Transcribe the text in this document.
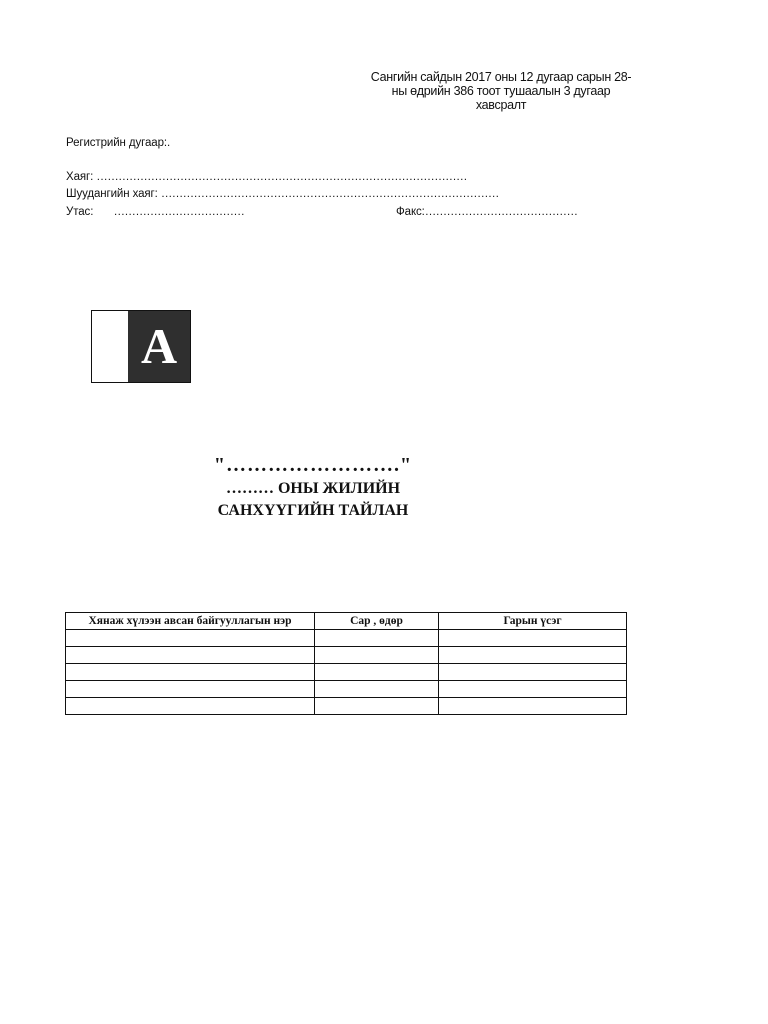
Сангийн сайдын 2017 оны 12 дугаар сарын 28-
ны өдрийн 386 тоот тушаалын 3 дугаар
хавсралт
Регистрийн дугаар:.
Хаяг: …………………………………………………………………………………………
Шуудангийн хаяг: …………………………………………………………………………………
Утас: ………………………………	Факс:……………………………………
A
"……………………."
……… ОНЫ ЖИЛИЙН
САНХҮҮГИЙН ТАЙЛАН
Хянаж хүлээн авсан байгууллагын нэр	Сар , өдөр	Гарын үсэг
